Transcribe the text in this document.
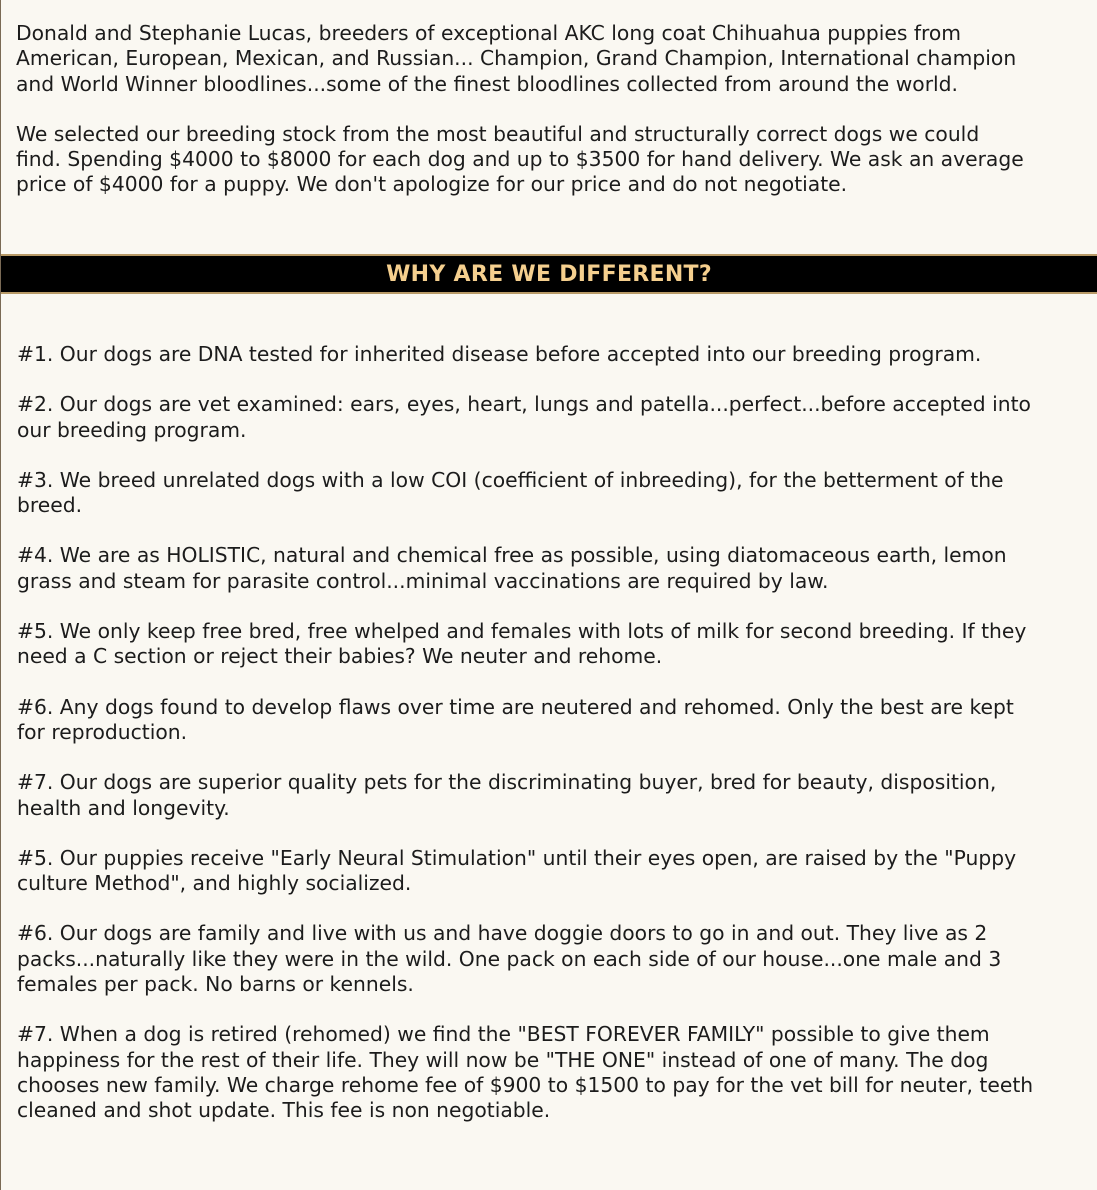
Donald and Stephanie Lucas, breeders of exceptional AKC long coat Chihuahua puppies from
American, European, Mexican, and Russian... Champion, Grand Champion, International champion
and World Winner bloodlines...some of the finest bloodlines collected from around the world.

We selected our breeding stock from the most beautiful and structurally correct dogs we could
find. Spending $4000 to $8000 for each dog and up to $3500 for hand delivery. We ask an average
price of $4000 for a puppy. We don't apologize for our price and do not negotiate.

WHY ARE WE DIFFERENT?

#1. Our dogs are DNA tested for inherited disease before accepted into our breeding program.

#2. Our dogs are vet examined: ears, eyes, heart, lungs and patella...perfect...before accepted into
our breeding program.

#3. We breed unrelated dogs with a low COI (coefficient of inbreeding), for the betterment of the
breed.

#4. We are as HOLISTIC, natural and chemical free as possible, using diatomaceous earth, lemon
grass and steam for parasite control...minimal vaccinations are required by law.

#5. We only keep free bred, free whelped and females with lots of milk for second breeding. If they
need a C section or reject their babies? We neuter and rehome.

#6. Any dogs found to develop flaws over time are neutered and rehomed. Only the best are kept
for reproduction.

#7. Our dogs are superior quality pets for the discriminating buyer, bred for beauty, disposition,
health and longevity.

#5. Our puppies receive "Early Neural Stimulation" until their eyes open, are raised by the "Puppy
culture Method", and highly socialized.

#6. Our dogs are family and live with us and have doggie doors to go in and out. They live as 2
packs...naturally like they were in the wild. One pack on each side of our house...one male and 3
females per pack. No barns or kennels.

#7. When a dog is retired (rehomed) we find the "BEST FOREVER FAMILY" possible to give them
happiness for the rest of their life. They will now be "THE ONE" instead of one of many. The dog
chooses new family. We charge rehome fee of $900 to $1500 to pay for the vet bill for neuter, teeth
cleaned and shot update. This fee is non negotiable.
